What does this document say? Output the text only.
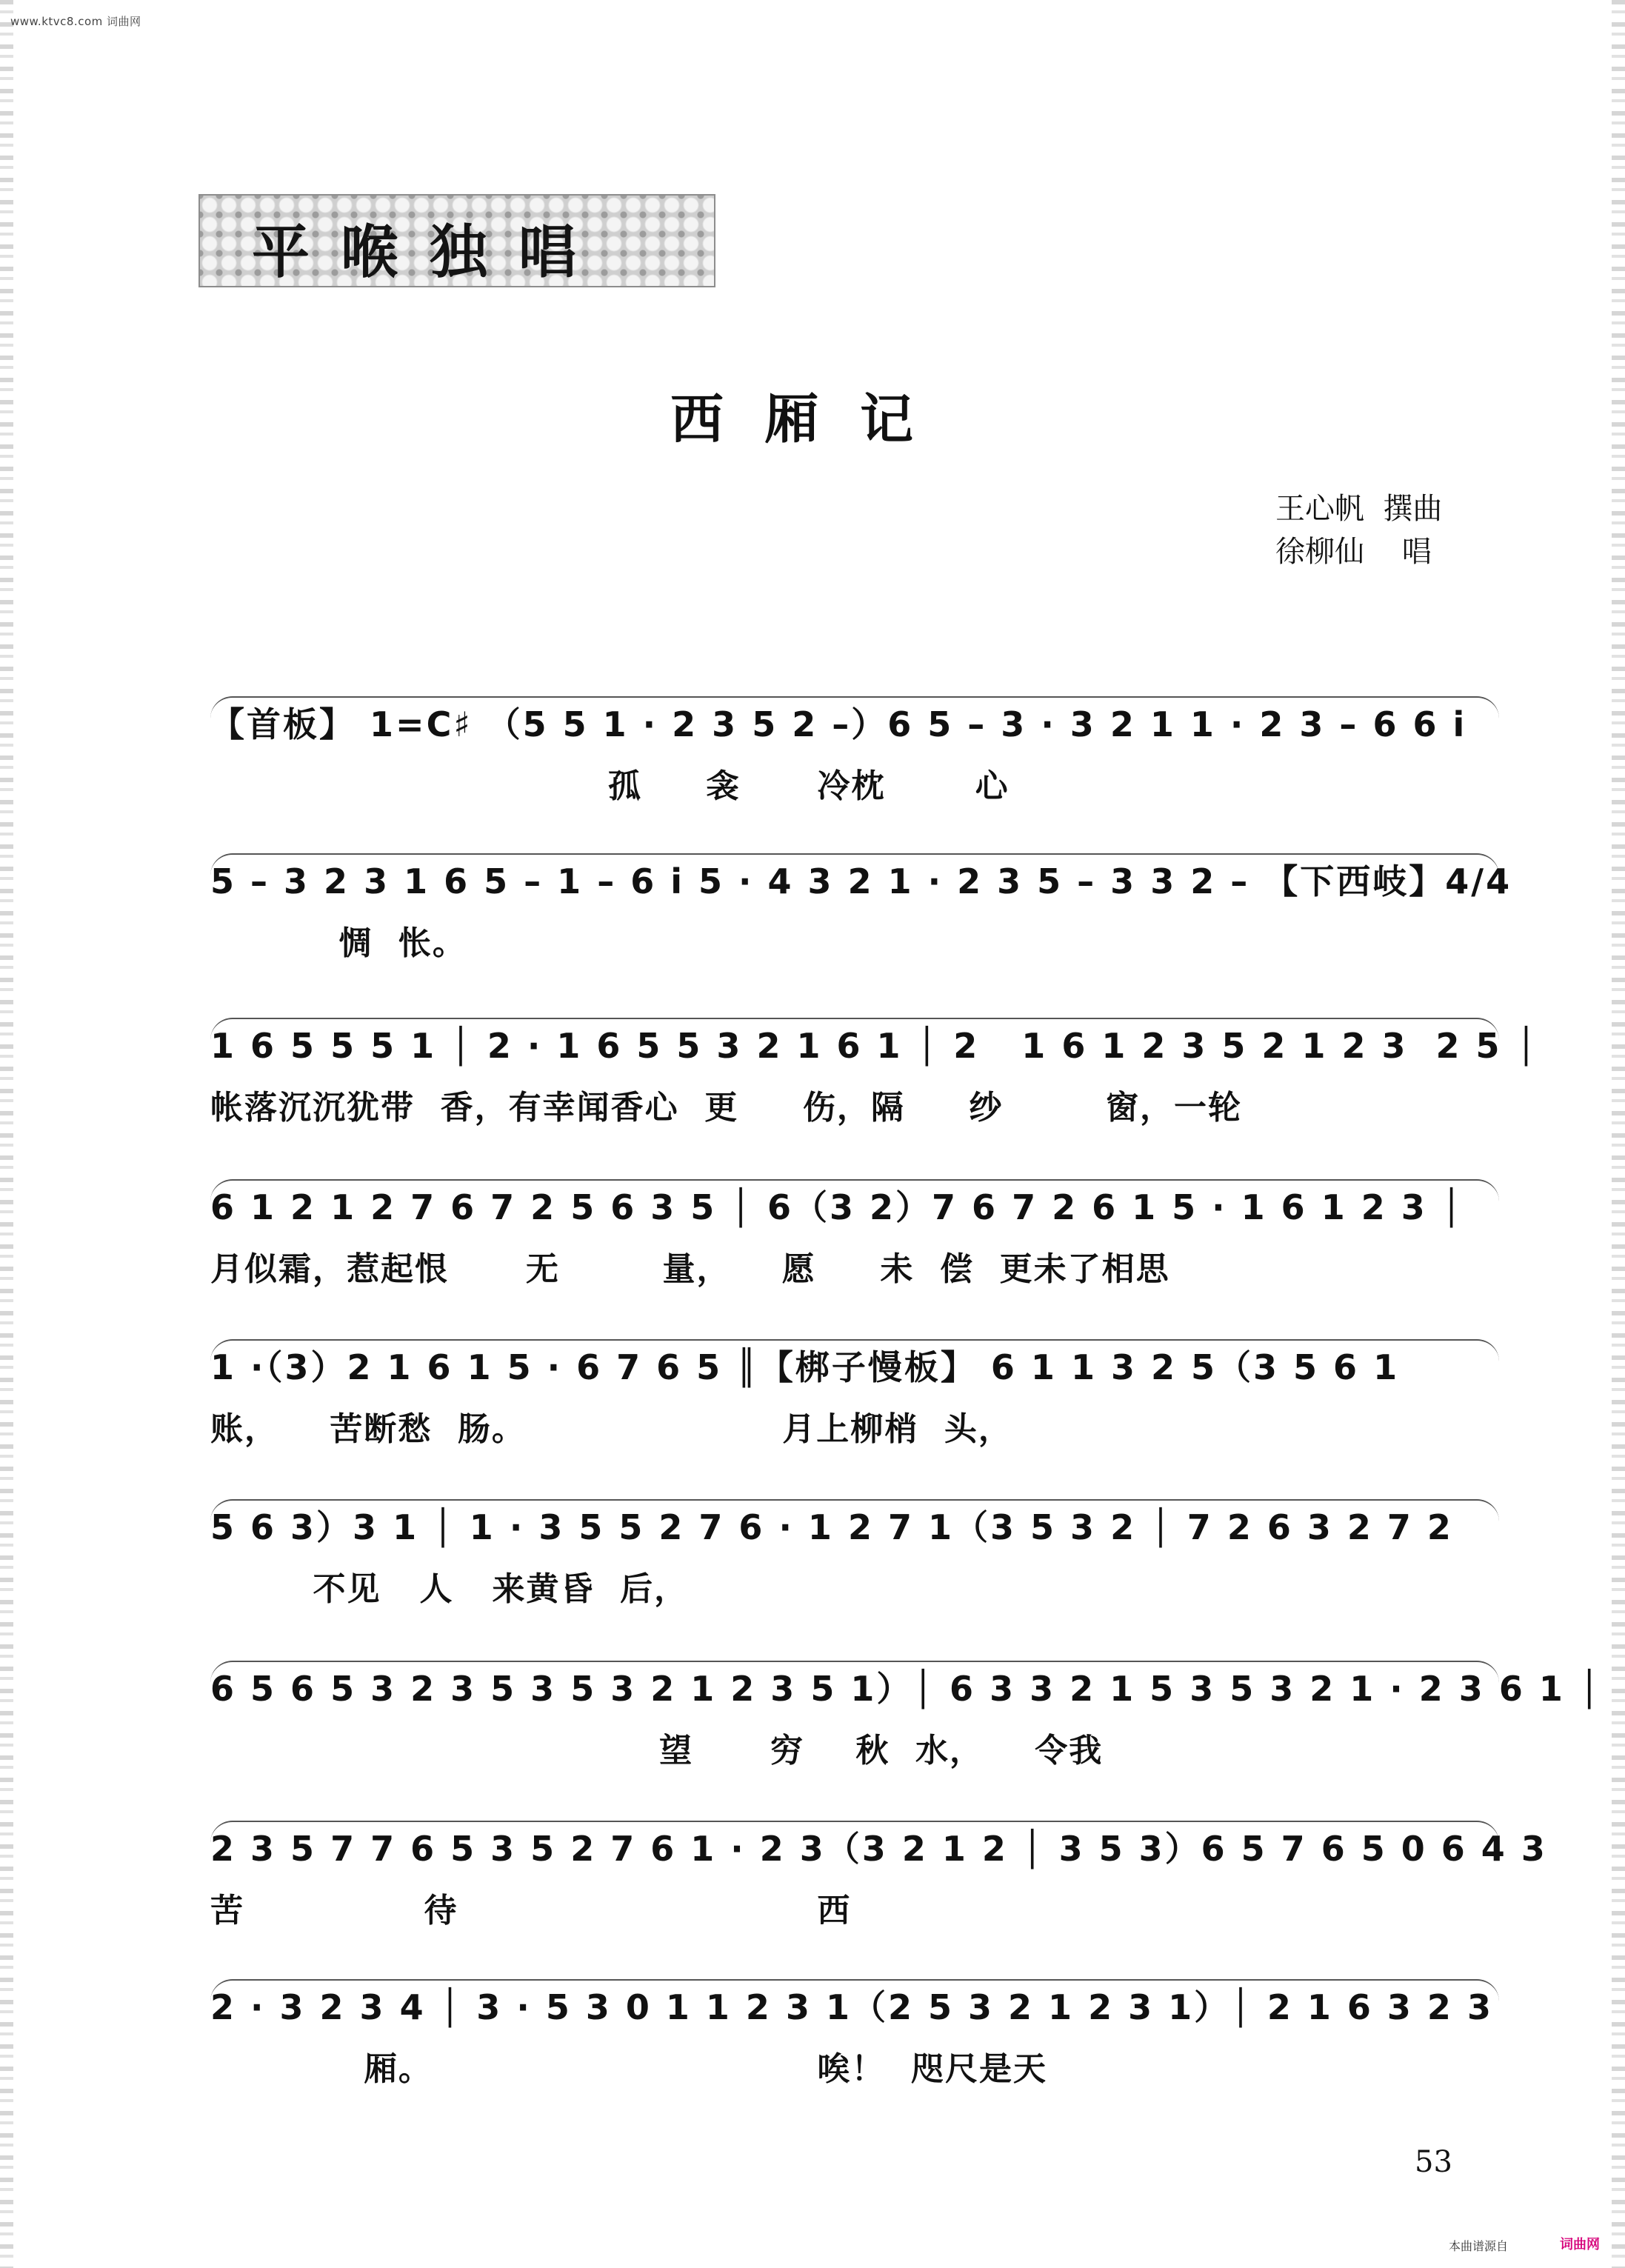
www.ktvc8.com 词曲网
平喉独唱
西厢记
王心帆  撰曲
徐柳仙    唱
【首板】 1=C♯ （5 5 1 · 2 3 5 2 –）6 5 – 3 · 3 2 1 1 · 2 3 – 6 6 i
孤     衾      冷枕       心
5 – 3 2 3 1 6 5 – 1 – 6 i 5 · 4 3 2 1 · 2 3 5 – 3 3 2 – 【下西岐】4/4
惆  怅。
1 6 5 5 5 1 │ 2 · 1 6 5 5 3 2 1 6 1 │ 2   1 6 1 2 3 5 2 1 2 3  2 5 │
帐落沉沉犹带  香，有幸闻香心  更     伤，隔     纱        窗，一轮
6 1 2 1 2 7 6 7 2 5 6 3 5 │ 6（3 2）7 6 7 2 6 1 5 · 1 6 1 2 3 │
月似霜，惹起恨      无        量，    愿     未  偿  更未了相思
1 ·（3）2 1 6 1 5 · 6 7 6 5 ║【梆子慢板】 6 1 1 3 2 5（3 5 6 1
账，    苦断愁  肠。                    月上柳梢  头，
5 6 3）3 1 │ 1 · 3 5 5 2 7 6 · 1 2 7 1（3 5 3 2 │ 7 2 6 3 2 7 2
不见   人   来黄昏  后，
6 5 6 5 3 2 3 5 3 5 3 2 1 2 3 5 1）│ 6 3 3 2 1 5 3 5 3 2 1 · 2 3 6 1 │
望      穷    秋  水，    令我
2 3 5 7 7 6 5 3 5 2 7 6 1 · 2 3（3 2 1 2 │ 3 5 3）6 5 7 6 5 0 6 4 3
苦              待                            西
2 · 3 2 3 4 │ 3 · 5 3 0 1 1 2 3 1（2 5 3 2 1 2 3 1）│ 2 1 6 3 2 3
厢。                              唉！  咫尺是天
53
本曲谱源自	词曲网
